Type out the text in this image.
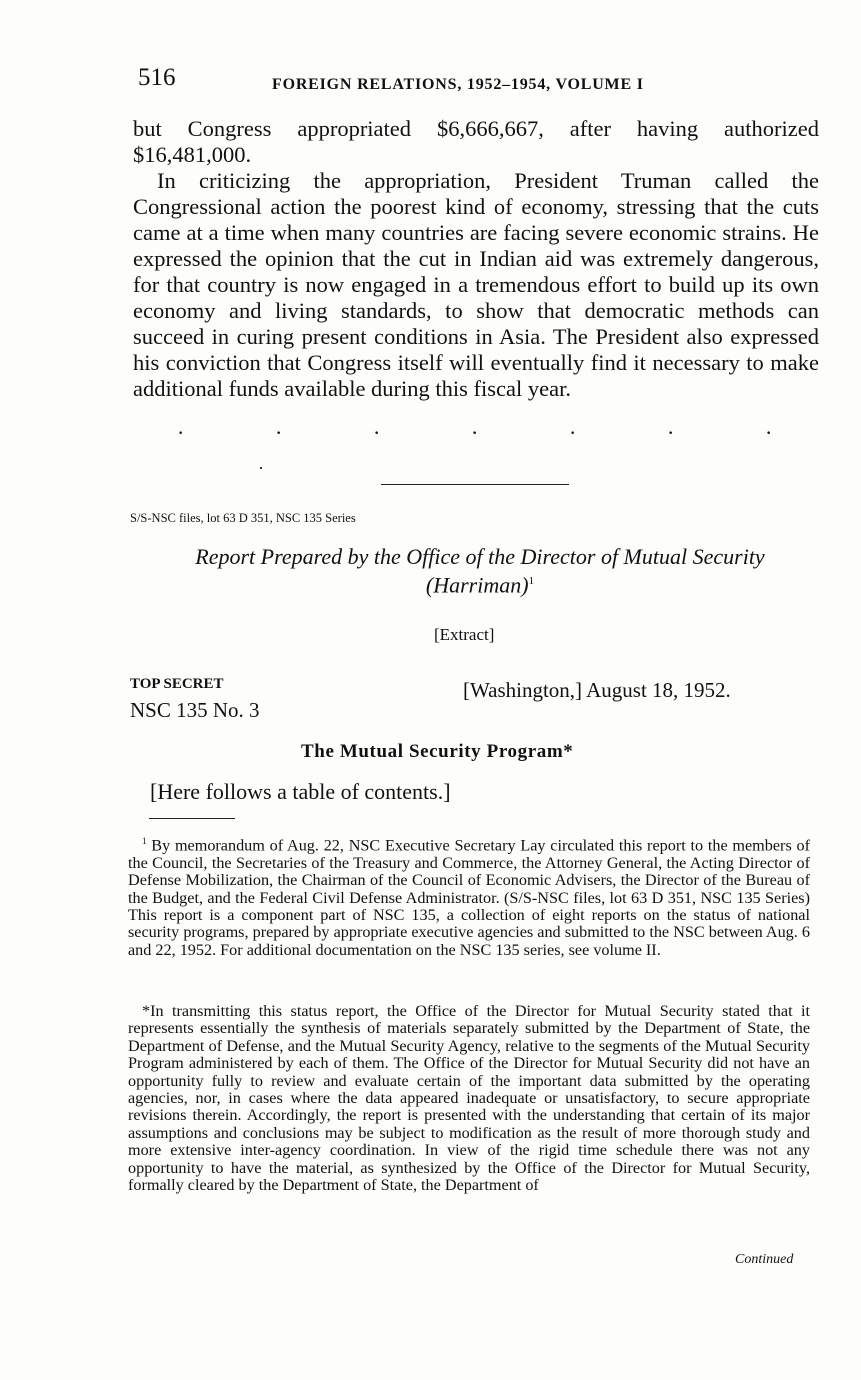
516	FOREIGN RELATIONS, 1952–1954, VOLUME I

but Congress appropriated $6,666,667, after having authorized $16,481,000.

In criticizing the appropriation, President Truman called the Congressional action the poorest kind of economy, stressing that the cuts came at a time when many countries are facing severe economic strains. He expressed the opinion that the cut in Indian aid was extremely dangerous, for that country is now engaged in a tremendous effort to build up its own economy and living standards, to show that democratic methods can succeed in curing present conditions in Asia. The President also expressed his conviction that Congress itself will eventually find it necessary to make additional funds available during this fiscal year.

·	·	·	·	·	·	·
·
S/S-NSC files, lot 63 D 351, NSC 135 Series
Report Prepared by the Office of the Director of Mutual Security (Harriman)$^1$
[Extract]
TOP SECRET	[Washington,] August 18, 1952.
NSC 135 No. 3
The Mutual Security Program*
[Here follows a table of contents.]

$^1$ By memorandum of Aug. 22, NSC Executive Secretary Lay circulated this report to the members of the Council, the Secretaries of the Treasury and Commerce, the Attorney General, the Acting Director of Defense Mobilization, the Chairman of the Council of Economic Advisers, the Director of the Bureau of the Budget, and the Federal Civil Defense Administrator. (S/S-NSC files, lot 63 D 351, NSC 135 Series) This report is a component part of NSC 135, a collection of eight reports on the status of national security programs, prepared by appropriate executive agencies and submitted to the NSC between Aug. 6 and 22, 1952. For additional documentation on the NSC 135 series, see volume II.

*In transmitting this status report, the Office of the Director for Mutual Security stated that it represents essentially the synthesis of materials separately submitted by the Department of State, the Department of Defense, and the Mutual Security Agency, relative to the segments of the Mutual Security Program administered by each of them. The Office of the Director for Mutual Security did not have an opportunity fully to review and evaluate certain of the important data submitted by the operating agencies, nor, in cases where the data appeared inadequate or unsatisfactory, to secure appropriate revisions therein. Accordingly, the report is presented with the understanding that certain of its major assumptions and conclusions may be subject to modification as the result of more thorough study and more extensive inter-agency coordination. In view of the rigid time schedule there was not any opportunity to have the material, as synthesized by the Office of the Director for Mutual Security, formally cleared by the Department of State, the Department of

Continued
